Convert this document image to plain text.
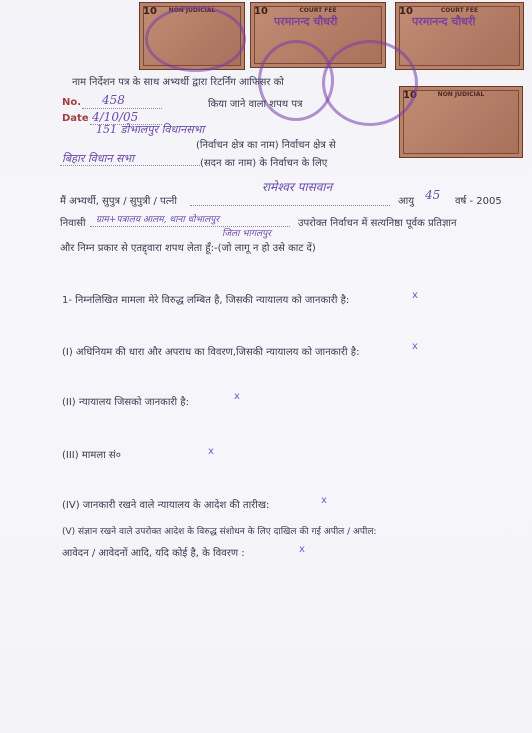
10	NON JUDICIAL	10	COURT FEE	10	COURT FEE
10	NON JUDICIAL
परमानन्द चौधरी	परमानन्द चौधरी
नाम निर्देशन पत्र के साथ अभ्यर्थी द्वारा रिटर्निंग आफिसर को
किया जाने वाला शपथ पत्र
No. 458
Date 4/10/05
151 डोभालपुर विधानसभा
(निर्वाचन क्षेत्र का नाम) निर्वाचन क्षेत्र से
बिहार विधान सभा	(सदन का नाम) के निर्वाचन के लिए
मैं अभ्यर्थी, सुपुत्र / सुपुत्री / पत्नी
रामेश्वर पासवान
आयु 45 वर्ष - 2005
निवासी ग्राम+पत्रालय आलम, थाना धोभालपुर	उपरोक्त निर्वाचन में सत्यनिष्ठा पूर्वक प्रतिज्ञान
जिला भागलपुर
और निम्न प्रकार से एतद्द्वारा शपथ लेता हूँ:-(जो लागू न हो उसे काट दें)
1- निम्नलिखित मामला मेरे विरुद्ध लम्बित है, जिसकी न्यायालय को जानकारी है:	x
(I) अधिनियम की धारा और अपराध का विवरण,जिसकी न्यायालय को जानकारी है:
x
(II) न्यायालय जिसको जानकारी है:
x
(III) मामला सं०	x
(IV) जानकारी रखने वाले न्यायालय के आदेश की तारीख:	x
(V) संज्ञान रखने वाले उपरोक्त आदेश के विरुद्ध संशोधन के लिए दाखिल की गई अपील / अपील:
आवेदन / आवेदनों आदि, यदि कोई है, के विवरण :	x
